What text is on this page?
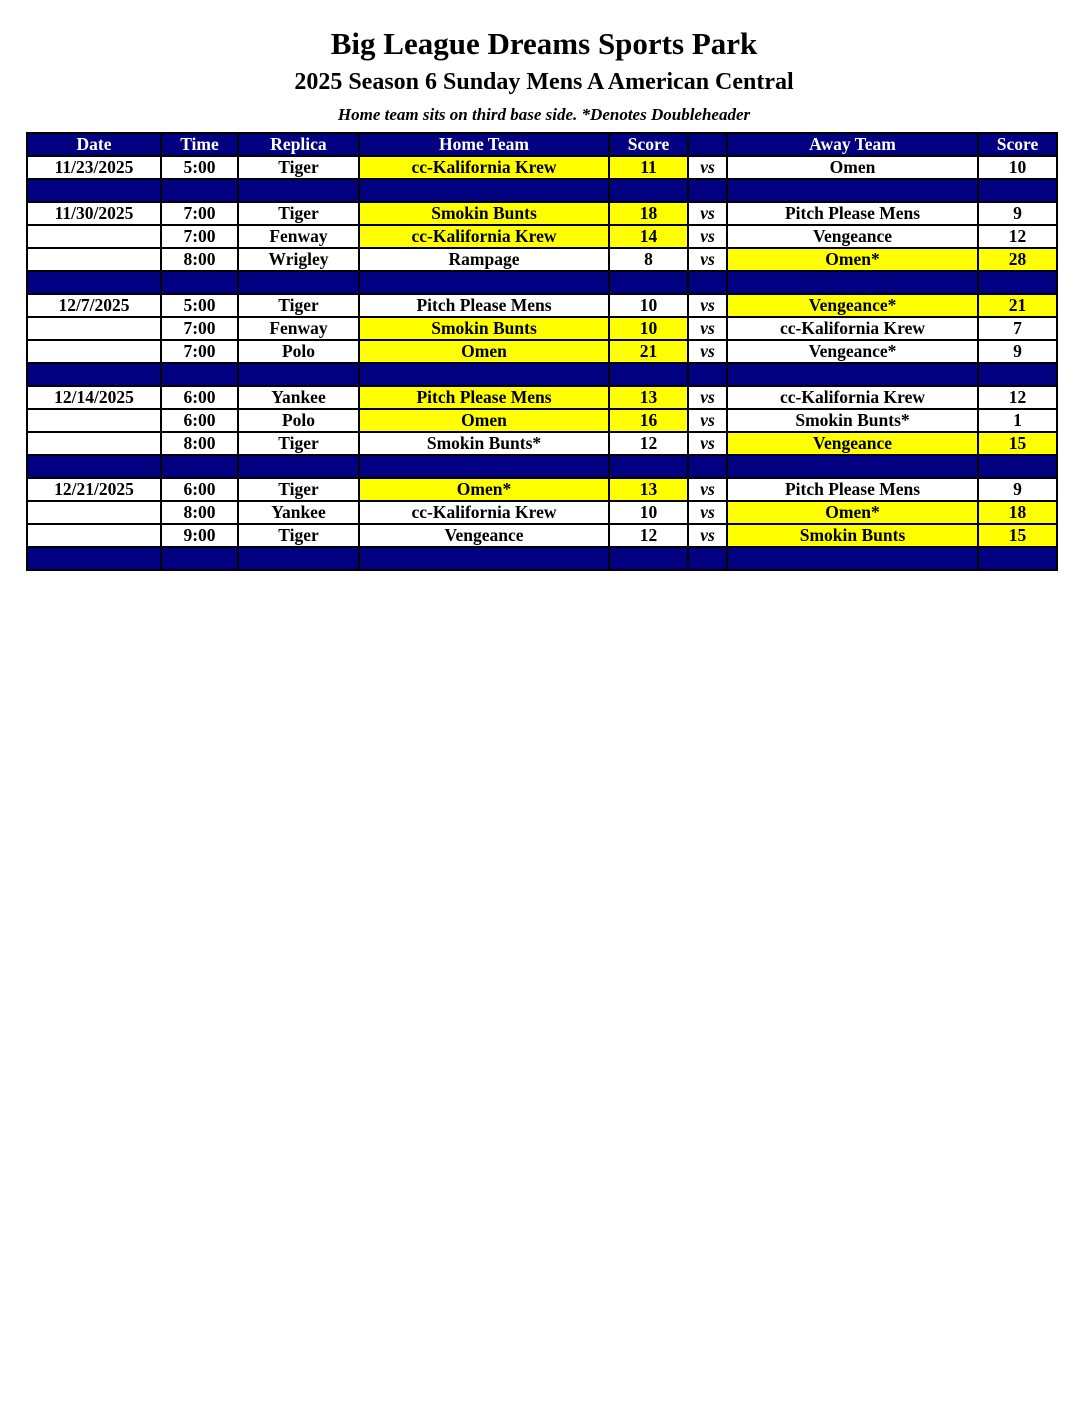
Big League Dreams Sports Park
2025 Season 6 Sunday Mens A American Central
Home team sits on third base side. *Denotes Doubleheader
Date	Time	Replica	Home Team	Score		Away Team	Score
11/23/2025	5:00	Tiger	cc-Kalifornia Krew	11	vs	Omen	10

11/30/2025	7:00	Tiger	Smokin Bunts	18	vs	Pitch Please Mens	9
	7:00	Fenway	cc-Kalifornia Krew	14	vs	Vengeance	12
	8:00	Wrigley	Rampage	8	vs	Omen*	28

12/7/2025	5:00	Tiger	Pitch Please Mens	10	vs	Vengeance*	21
	7:00	Fenway	Smokin Bunts	10	vs	cc-Kalifornia Krew	7
	7:00	Polo	Omen	21	vs	Vengeance*	9

12/14/2025	6:00	Yankee	Pitch Please Mens	13	vs	cc-Kalifornia Krew	12
	6:00	Polo	Omen	16	vs	Smokin Bunts*	1
	8:00	Tiger	Smokin Bunts*	12	vs	Vengeance	15

12/21/2025	6:00	Tiger	Omen*	13	vs	Pitch Please Mens	9
	8:00	Yankee	cc-Kalifornia Krew	10	vs	Omen*	18
	9:00	Tiger	Vengeance	12	vs	Smokin Bunts	15
